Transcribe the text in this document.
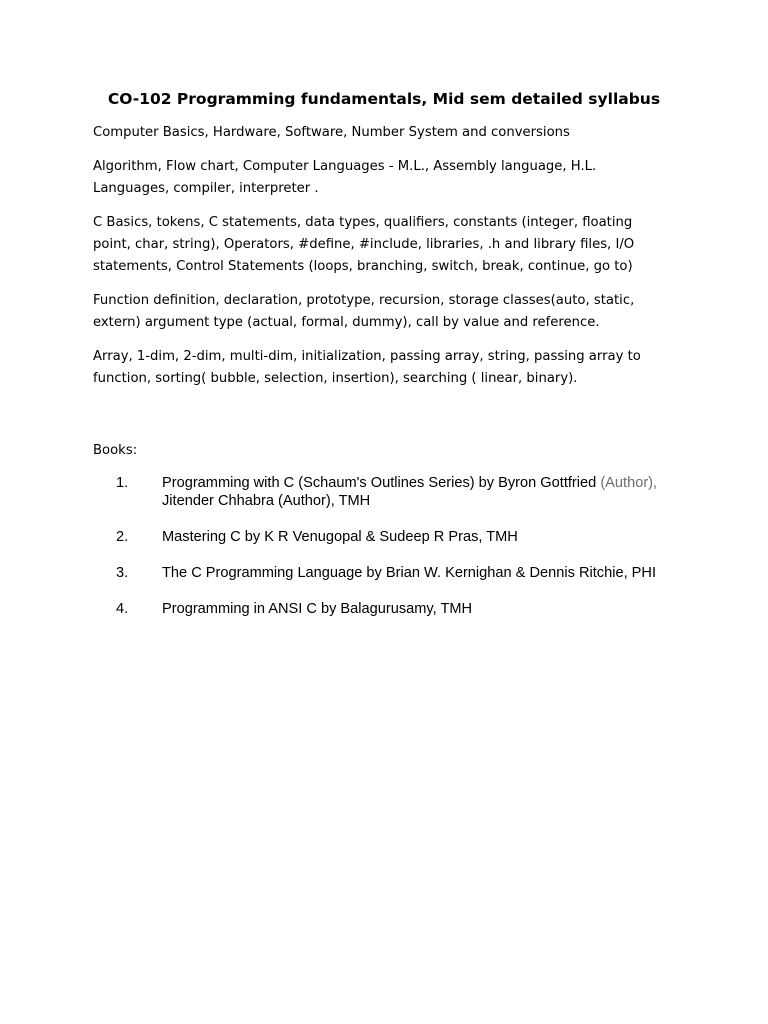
CO-102 Programming fundamentals, Mid sem detailed syllabus

Computer Basics, Hardware, Software, Number System and conversions

Algorithm, Flow chart, Computer Languages - M.L., Assembly language, H.L. Languages, compiler, interpreter .

C Basics, tokens, C statements, data types, qualifiers, constants (integer, floating point, char, string), Operators, #define, #include, libraries, .h and library files, I/O statements, Control Statements (loops, branching, switch, break, continue, go to)

Function definition, declaration, prototype, recursion, storage classes(auto, static, extern) argument type (actual, formal, dummy), call by value and reference.

Array, 1-dim, 2-dim, multi-dim, initialization, passing array, string, passing array to function, sorting( bubble, selection, insertion), searching ( linear, binary).

Books:

1.	Programming with C (Schaum's Outlines Series) by Byron Gottfried (Author), Jitender Chhabra (Author), TMH
2.	Mastering C by K R Venugopal & Sudeep R Pras, TMH
3.	The C Programming Language by Brian W. Kernighan & Dennis Ritchie, PHI
4.	Programming in ANSI C by Balagurusamy, TMH
